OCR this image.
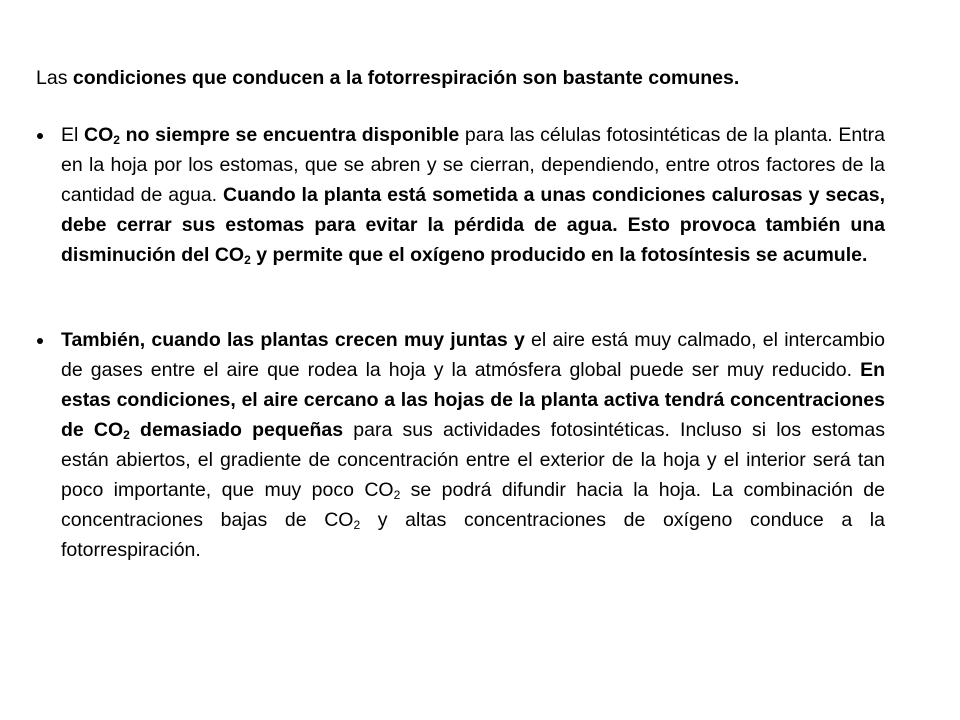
Las condiciones que conducen a la fotorrespiración son bastante comunes.
El $CO_2$ no siempre se encuentra disponible para las células fotosintéticas de la planta. Entra en la hoja por los estomas, que se abren y se cierran, dependiendo, entre otros factores de la cantidad de agua. Cuando la planta está sometida a unas condiciones calurosas y secas, debe cerrar sus estomas para evitar la pérdida de agua. Esto provoca también una disminución del $CO_2$ y permite que el oxígeno producido en la fotosíntesis se acumule.
También, cuando las plantas crecen muy juntas y el aire está muy calmado, el intercambio de gases entre el aire que rodea la hoja y la atmósfera global puede ser muy reducido. En estas condiciones, el aire cercano a las hojas de la planta activa tendrá concentraciones de $CO_2$ demasiado pequeñas para sus actividades fotosintéticas. Incluso si los estomas están abiertos, el gradiente de concentración entre el exterior de la hoja y el interior será tan poco importante, que muy poco $CO_2$ se podrá difundir hacia la hoja. La combinación de concentraciones bajas de $CO_2$ y altas concentraciones de oxígeno conduce a la fotorrespiración.
